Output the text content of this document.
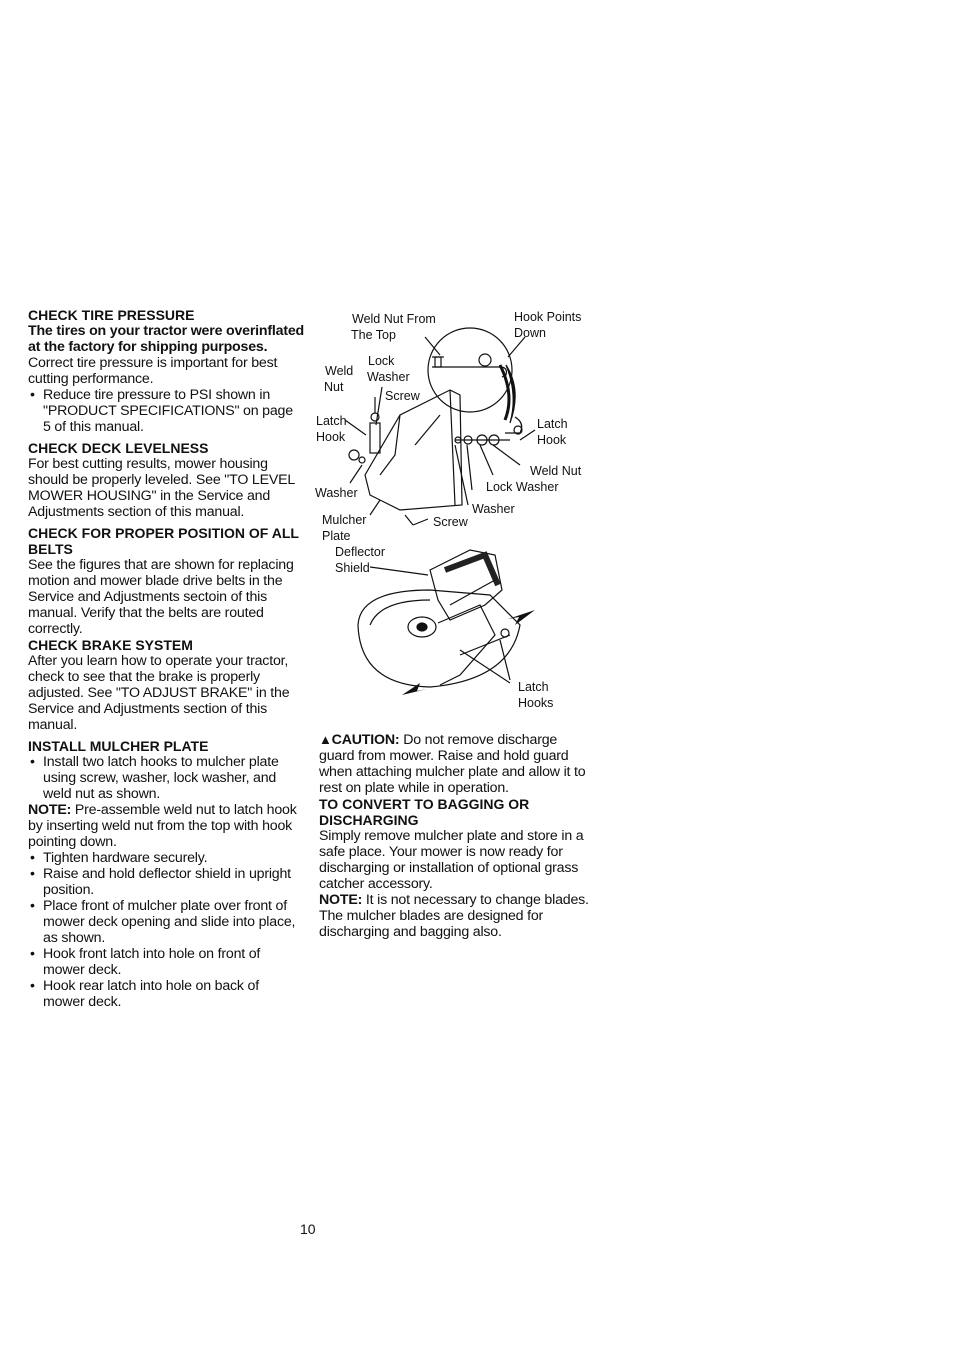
CHECK TIRE PRESSURE

The tires on your tractor were overinflated at the factory for shipping purposes.

Correct tire pressure is important for best cutting performance.

• Reduce tire pressure to PSI shown in "PRODUCT SPECIFICATIONS" on page 5 of this manual.

CHECK DECK LEVELNESS

For best cutting results, mower housing should be properly leveled. See "TO LEVEL MOWER HOUSING" in the Service and Adjustments section of this manual.

CHECK FOR PROPER POSITION OF ALL BELTS

See the figures that are shown for replacing motion and mower blade drive belts in the Service and Adjustments sectoin of this manual. Verify that the belts are routed correctly.

CHECK BRAKE SYSTEM

After you learn how to operate your tractor, check to see that the brake is properly adjusted. See "TO ADJUST BRAKE" in the Service and Adjustments section of this manual.

INSTALL MULCHER PLATE

• Install two latch hooks to mulcher plate using screw, washer, lock washer, and weld nut as shown.

NOTE: Pre-assemble weld nut to latch hook by inserting weld nut from the top with hook pointing down.

• Tighten hardware securely.
• Raise and hold deflector shield in upright position.
• Place front of mulcher plate over front of mower deck opening and slide into place, as shown.
• Hook front latch into hole on front of mower deck.
• Hook rear latch into hole on back of mower deck.
Weld Nut From
The Top
Hook Points
Down
Lock
Weld Washer
Nut
Screw
Latch
Hook
Washer
Mulcher
Plate
Screw
Latch
Hook
Weld Nut
Lock Washer
Washer
Deflector
Shield
Latch
Hooks

▲CAUTION: Do not remove discharge guard from mower. Raise and hold guard when attaching mulcher plate and allow it to rest on plate while in operation.

TO CONVERT TO BAGGING OR DISCHARGING

Simply remove mulcher plate and store in a safe place. Your mower is now ready for discharging or installation of optional grass catcher accessory.

NOTE: It is not necessary to change blades. The mulcher blades are designed for discharging and bagging also.

10
